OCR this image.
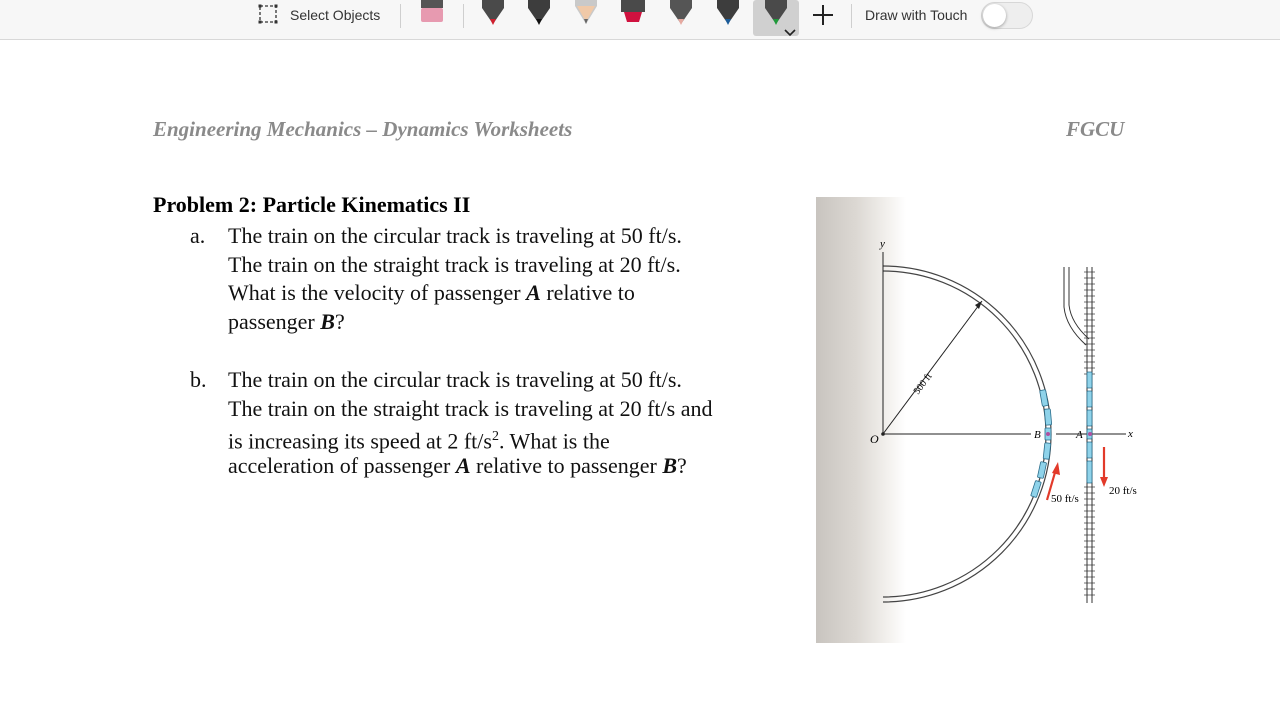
Select Objects	Draw with Touch
Engineering Mechanics – Dynamics Worksheets	FGCU
Problem 2: Particle Kinematics II
a. The train on the circular track is traveling at 50 ft/s.
The train on the straight track is traveling at 20 ft/s.
What is the velocity of passenger A relative to
passenger B?
b. The train on the circular track is traveling at 50 ft/s.
The train on the straight track is traveling at 20 ft/s and
is increasing its speed at 2 $ft/s^2$. What is the
acceleration of passenger A relative to passenger B?
y
x
O
500 ft
A
B
50 ft/s
20 ft/s
